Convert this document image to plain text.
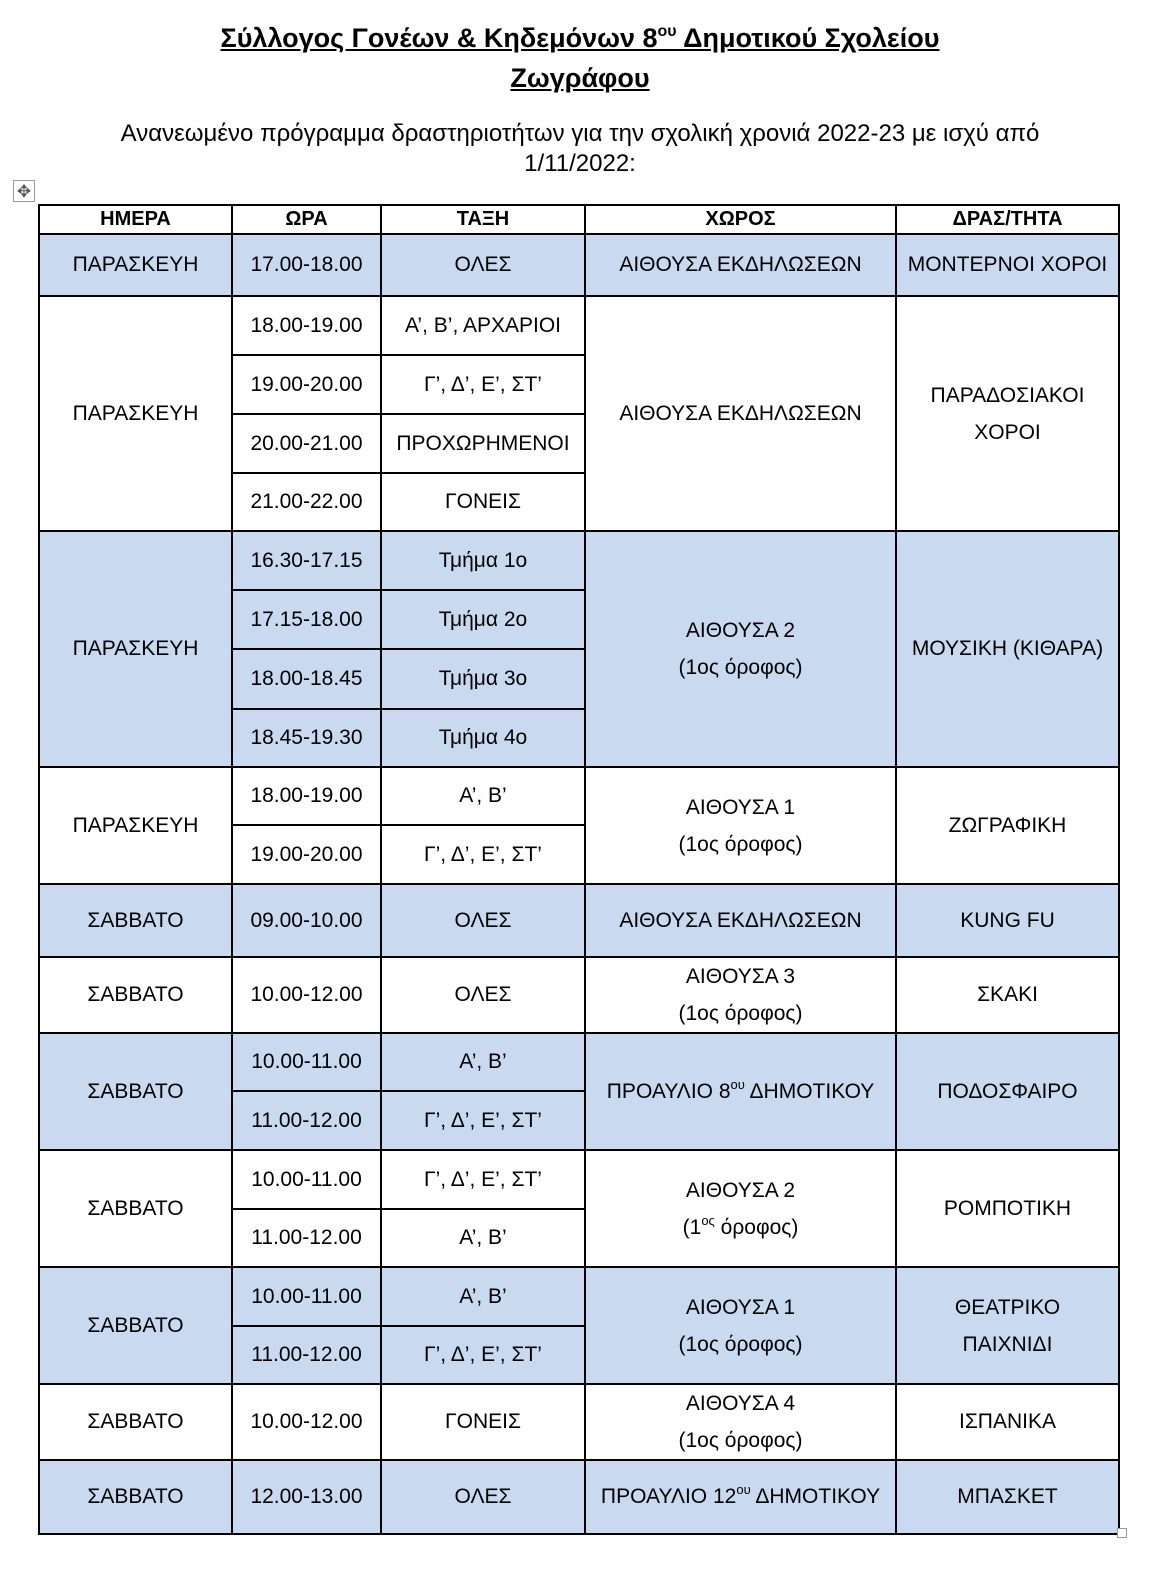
Σύλλογος Γονέων & Κηδεμόνων $8^{o\upsilon}$ Δημοτικού Σχολείου
Ζωγράφου
Ανανεωμένο πρόγραμμα δραστηριοτήτων για την σχολική χρονιά 2022-23 με ισχύ από
1/11/2022:
✥
ΗΜΕΡΑ	ΩΡΑ	ΤΑΞΗ	ΧΩΡΟΣ	ΔΡΑΣ/ΤΗΤΑ
ΠΑΡΑΣΚΕΥΗ	17.00-18.00	ΟΛΕΣ	ΑΙΘΟΥΣΑ ΕΚΔΗΛΩΣΕΩΝ	ΜΟΝΤΕΡΝΟΙ ΧΟΡΟΙ
ΠΑΡΑΣΚΕΥΗ	18.00-19.00	Α’, Β’, ΑΡΧΑΡΙΟΙ	ΑΙΘΟΥΣΑ ΕΚΔΗΛΩΣΕΩΝ	ΠΑΡΑΔΟΣΙΑΚΟΙ
ΧΟΡΟΙ

	19.00-20.00	Γ’, Δ’, Ε’, ΣΤ’		
	20.00-21.00	ΠΡΟΧΩΡΗΜΕΝΟΙ		
	21.00-22.00	ΓΟΝΕΙΣ		
ΠΑΡΑΣΚΕΥΗ	16.30-17.15	Τμήμα 1ο	ΑΙΘΟΥΣΑ 2
(1ος όροφος)	ΜΟΥΣΙΚΗ (ΚΙΘΑΡΑ)
	17.15-18.00	Τμήμα 2ο		
	18.00-18.45	Τμήμα 3ο		
	18.45-19.30	Τμήμα 4ο		
ΠΑΡΑΣΚΕΥΗ	18.00-19.00	Α’, Β’	ΑΙΘΟΥΣΑ 1
(1ος όροφος)	ΖΩΓΡΑΦΙΚΗ
	19.00-20.00	Γ’, Δ’, Ε’, ΣΤ’		
ΣΑΒΒΑΤΟ	09.00-10.00	ΟΛΕΣ	ΑΙΘΟΥΣΑ ΕΚΔΗΛΩΣΕΩΝ	KUNG FU
ΣΑΒΒΑΤΟ	10.00-12.00	ΟΛΕΣ	ΑΙΘΟΥΣΑ 3
(1ος όροφος)	ΣΚΑΚΙ
ΣΑΒΒΑΤΟ	10.00-11.00	Α’, Β’	ΠΡΟΑΥΛΙΟ $8^{o\upsilon}$ ΔΗΜΟΤΙΚΟΥ	ΠΟΔΟΣΦΑΙΡΟ
	11.00-12.00	Γ’, Δ’, Ε’, ΣΤ’		
ΣΑΒΒΑΤΟ	10.00-11.00	Γ’, Δ’, Ε’, ΣΤ’	ΑΙΘΟΥΣΑ 2
($1^{o\varsigma}$ όροφος)	ΡΟΜΠΟΤΙΚΗ
	11.00-12.00	Α’, Β’		
ΣΑΒΒΑΤΟ	10.00-11.00	Α’, Β’	ΑΙΘΟΥΣΑ 1
(1ος όροφος)	ΘΕΑΤΡΙΚΟ
ΠΑΙΧΝΙΔΙ

	11.00-12.00	Γ’, Δ’, Ε’, ΣΤ’		
ΣΑΒΒΑΤΟ	10.00-12.00	ΓΟΝΕΙΣ	ΑΙΘΟΥΣΑ 4
(1ος όροφος)	ΙΣΠΑΝΙΚΑ
ΣΑΒΒΑΤΟ	12.00-13.00	ΟΛΕΣ	ΠΡΟΑΥΛΙΟ $12^{o\upsilon}$ ΔΗΜΟΤΙΚΟΥ	ΜΠΑΣΚΕΤ
